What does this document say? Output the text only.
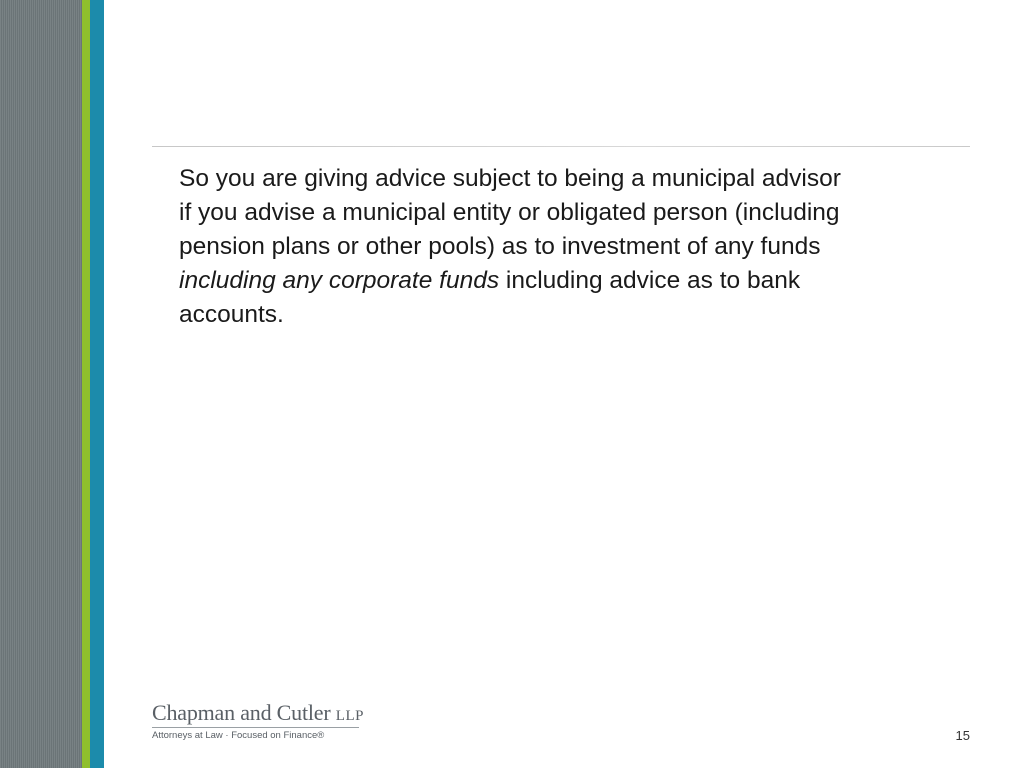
So you are giving advice subject to being a municipal advisor
if you advise a municipal entity or obligated person (including
pension plans or other pools) as to investment of any funds
including any corporate funds including advice as to bank
accounts.
Chapman and Cutler LLP
Attorneys at Law · Focused on Finance®	15
